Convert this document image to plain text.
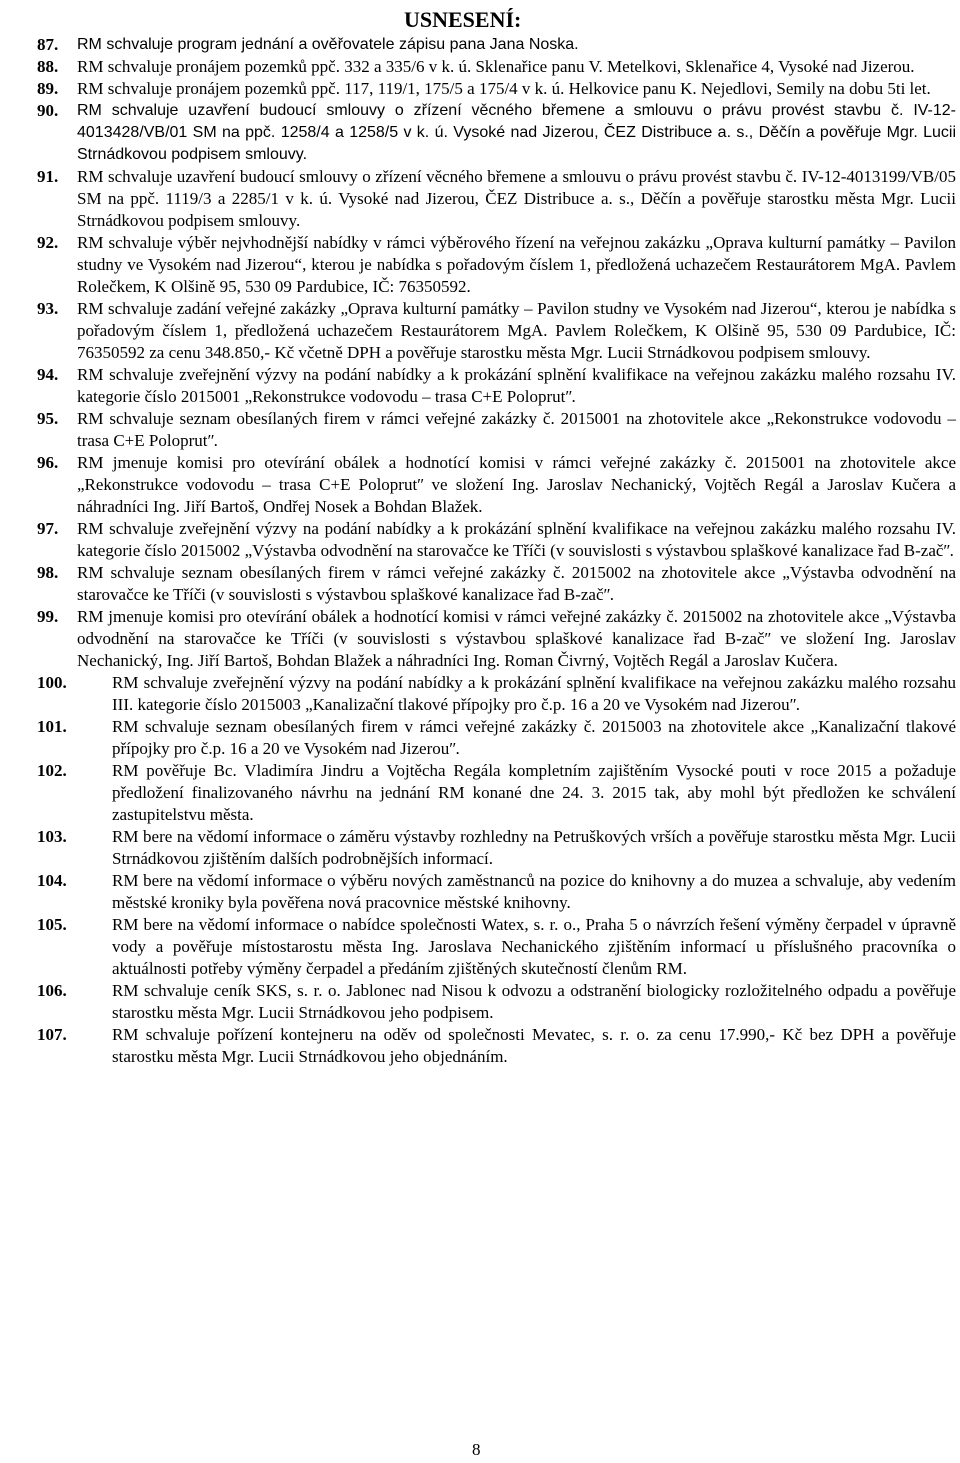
USNESENÍ:
87.	RM schvaluje program jednání a ověřovatele zápisu pana Jana Noska.
88.	RM schvaluje pronájem pozemků ppč. 332 a 335/6 v k. ú. Sklenařice panu V. Metelkovi, Sklenařice 4, Vysoké nad Jizerou.
89.	RM schvaluje pronájem pozemků ppč. 117, 119/1, 175/5 a 175/4 v k. ú. Helkovice panu K. Nejedlovi, Semily na dobu 5ti let.
90.	RM schvaluje uzavření budoucí smlouvy o zřízení věcného břemene a smlouvu o právu provést stavbu č. IV-12-4013428/VB/01 SM na ppč. 1258/4 a 1258/5 v k. ú. Vysoké nad Jizerou, ČEZ Distribuce a. s., Děčín a pověřuje Mgr. Lucii Strnádkovou podpisem smlouvy.
91.	RM schvaluje uzavření budoucí smlouvy o zřízení věcného břemene a smlouvu o právu provést stavbu č. IV-12-4013199/VB/05 SM na ppč. 1119/3 a 2285/1 v k. ú. Vysoké nad Jizerou, ČEZ Distribuce a. s., Děčín a pověřuje starostku města Mgr. Lucii Strnádkovou podpisem smlouvy.
92.	RM schvaluje výběr nejvhodnější nabídky v rámci výběrového řízení na veřejnou zakázku „Oprava kulturní památky – Pavilon studny ve Vysokém nad Jizerou“, kterou je nabídka s pořadovým číslem 1, předložená uchazečem Restaurátorem MgA. Pavlem Rolečkem, K Olšině 95, 530 09 Pardubice, IČ: 76350592.
93.	RM schvaluje zadání veřejné zakázky „Oprava kulturní památky – Pavilon studny ve Vysokém nad Jizerou“, kterou je nabídka s pořadovým číslem 1, předložená uchazečem Restaurátorem MgA. Pavlem Rolečkem, K Olšině 95, 530 09 Pardubice, IČ: 76350592 za cenu 348.850,- Kč včetně DPH a pověřuje starostku města Mgr. Lucii Strnádkovou podpisem smlouvy.
94.	RM schvaluje zveřejnění výzvy na podání nabídky a k prokázání splnění kvalifikace na veřejnou zakázku malého rozsahu IV. kategorie číslo 2015001 „Rekonstrukce vodovodu – trasa C+E Poloprutʺ.
95.	RM schvaluje seznam obesílaných firem v rámci veřejné zakázky č. 2015001 na zhotovitele akce „Rekonstrukce vodovodu – trasa C+E Poloprutʺ.
96.	RM jmenuje komisi pro otevírání obálek a hodnotící komisi v rámci veřejné zakázky č. 2015001 na zhotovitele akce „Rekonstrukce vodovodu – trasa C+E Poloprutʺ ve složení Ing. Jaroslav Nechanický, Vojtěch Regál a Jaroslav Kučera a náhradníci Ing. Jiří Bartoš, Ondřej Nosek a Bohdan Blažek.
97.	RM schvaluje zveřejnění výzvy na podání nabídky a k prokázání splnění kvalifikace na veřejnou zakázku malého rozsahu IV. kategorie číslo 2015002 „Výstavba odvodnění na starovačce ke Tříči (v souvislosti s výstavbou splaškové kanalizace řad B-začʺ.
98.	RM schvaluje seznam obesílaných firem v rámci veřejné zakázky č. 2015002 na zhotovitele akce „Výstavba odvodnění na starovačce ke Tříči (v souvislosti s výstavbou splaškové kanalizace řad B-začʺ.
99.	RM jmenuje komisi pro otevírání obálek a hodnotící komisi v rámci veřejné zakázky č. 2015002 na zhotovitele akce „Výstavba odvodnění na starovačce ke Tříči (v souvislosti s výstavbou splaškové kanalizace řad B-začʺ ve složení Ing. Jaroslav Nechanický, Ing. Jiří Bartoš, Bohdan Blažek a náhradníci Ing. Roman Čivrný, Vojtěch Regál a Jaroslav Kučera.
100.	RM schvaluje zveřejnění výzvy na podání nabídky a k prokázání splnění kvalifikace na veřejnou zakázku malého rozsahu III. kategorie číslo 2015003 „Kanalizační tlakové přípojky pro č.p. 16 a 20 ve Vysokém nad Jizerouʺ.
101.	RM schvaluje seznam obesílaných firem v rámci veřejné zakázky č. 2015003 na zhotovitele akce „Kanalizační tlakové přípojky pro č.p. 16 a 20 ve Vysokém nad Jizerouʺ.
102.	RM pověřuje Bc. Vladimíra Jindru a Vojtěcha Regála kompletním zajištěním Vysocké pouti v roce 2015 a požaduje předložení finalizovaného návrhu na jednání RM konané dne 24. 3. 2015 tak, aby mohl být předložen ke schválení zastupitelstvu města.
103.	RM bere na vědomí informace o záměru výstavby rozhledny na Petruškových vrších a pověřuje starostku města Mgr. Lucii Strnádkovou zjištěním dalších podrobnějších informací.
104.	RM bere na vědomí informace o výběru nových zaměstnanců na pozice do knihovny a do muzea a schvaluje, aby vedením městské kroniky byla pověřena nová pracovnice městské knihovny.
105.	RM bere na vědomí informace o nabídce společnosti Watex, s. r. o., Praha 5 o návrzích řešení výměny čerpadel v úpravně vody a pověřuje místostarostu města Ing. Jaroslava Nechanického zjištěním informací u příslušného pracovníka o aktuálnosti potřeby výměny čerpadel a předáním zjištěných skutečností členům RM.
106.	RM schvaluje ceník SKS, s. r. o. Jablonec nad Nisou k odvozu a odstranění biologicky rozložitelného odpadu a pověřuje starostku města Mgr. Lucii Strnádkovou jeho podpisem.
107.	RM schvaluje pořízení kontejneru na oděv od společnosti Mevatec, s. r. o. za cenu 17.990,- Kč bez DPH a pověřuje starostku města Mgr. Lucii Strnádkovou jeho objednáním.

8
